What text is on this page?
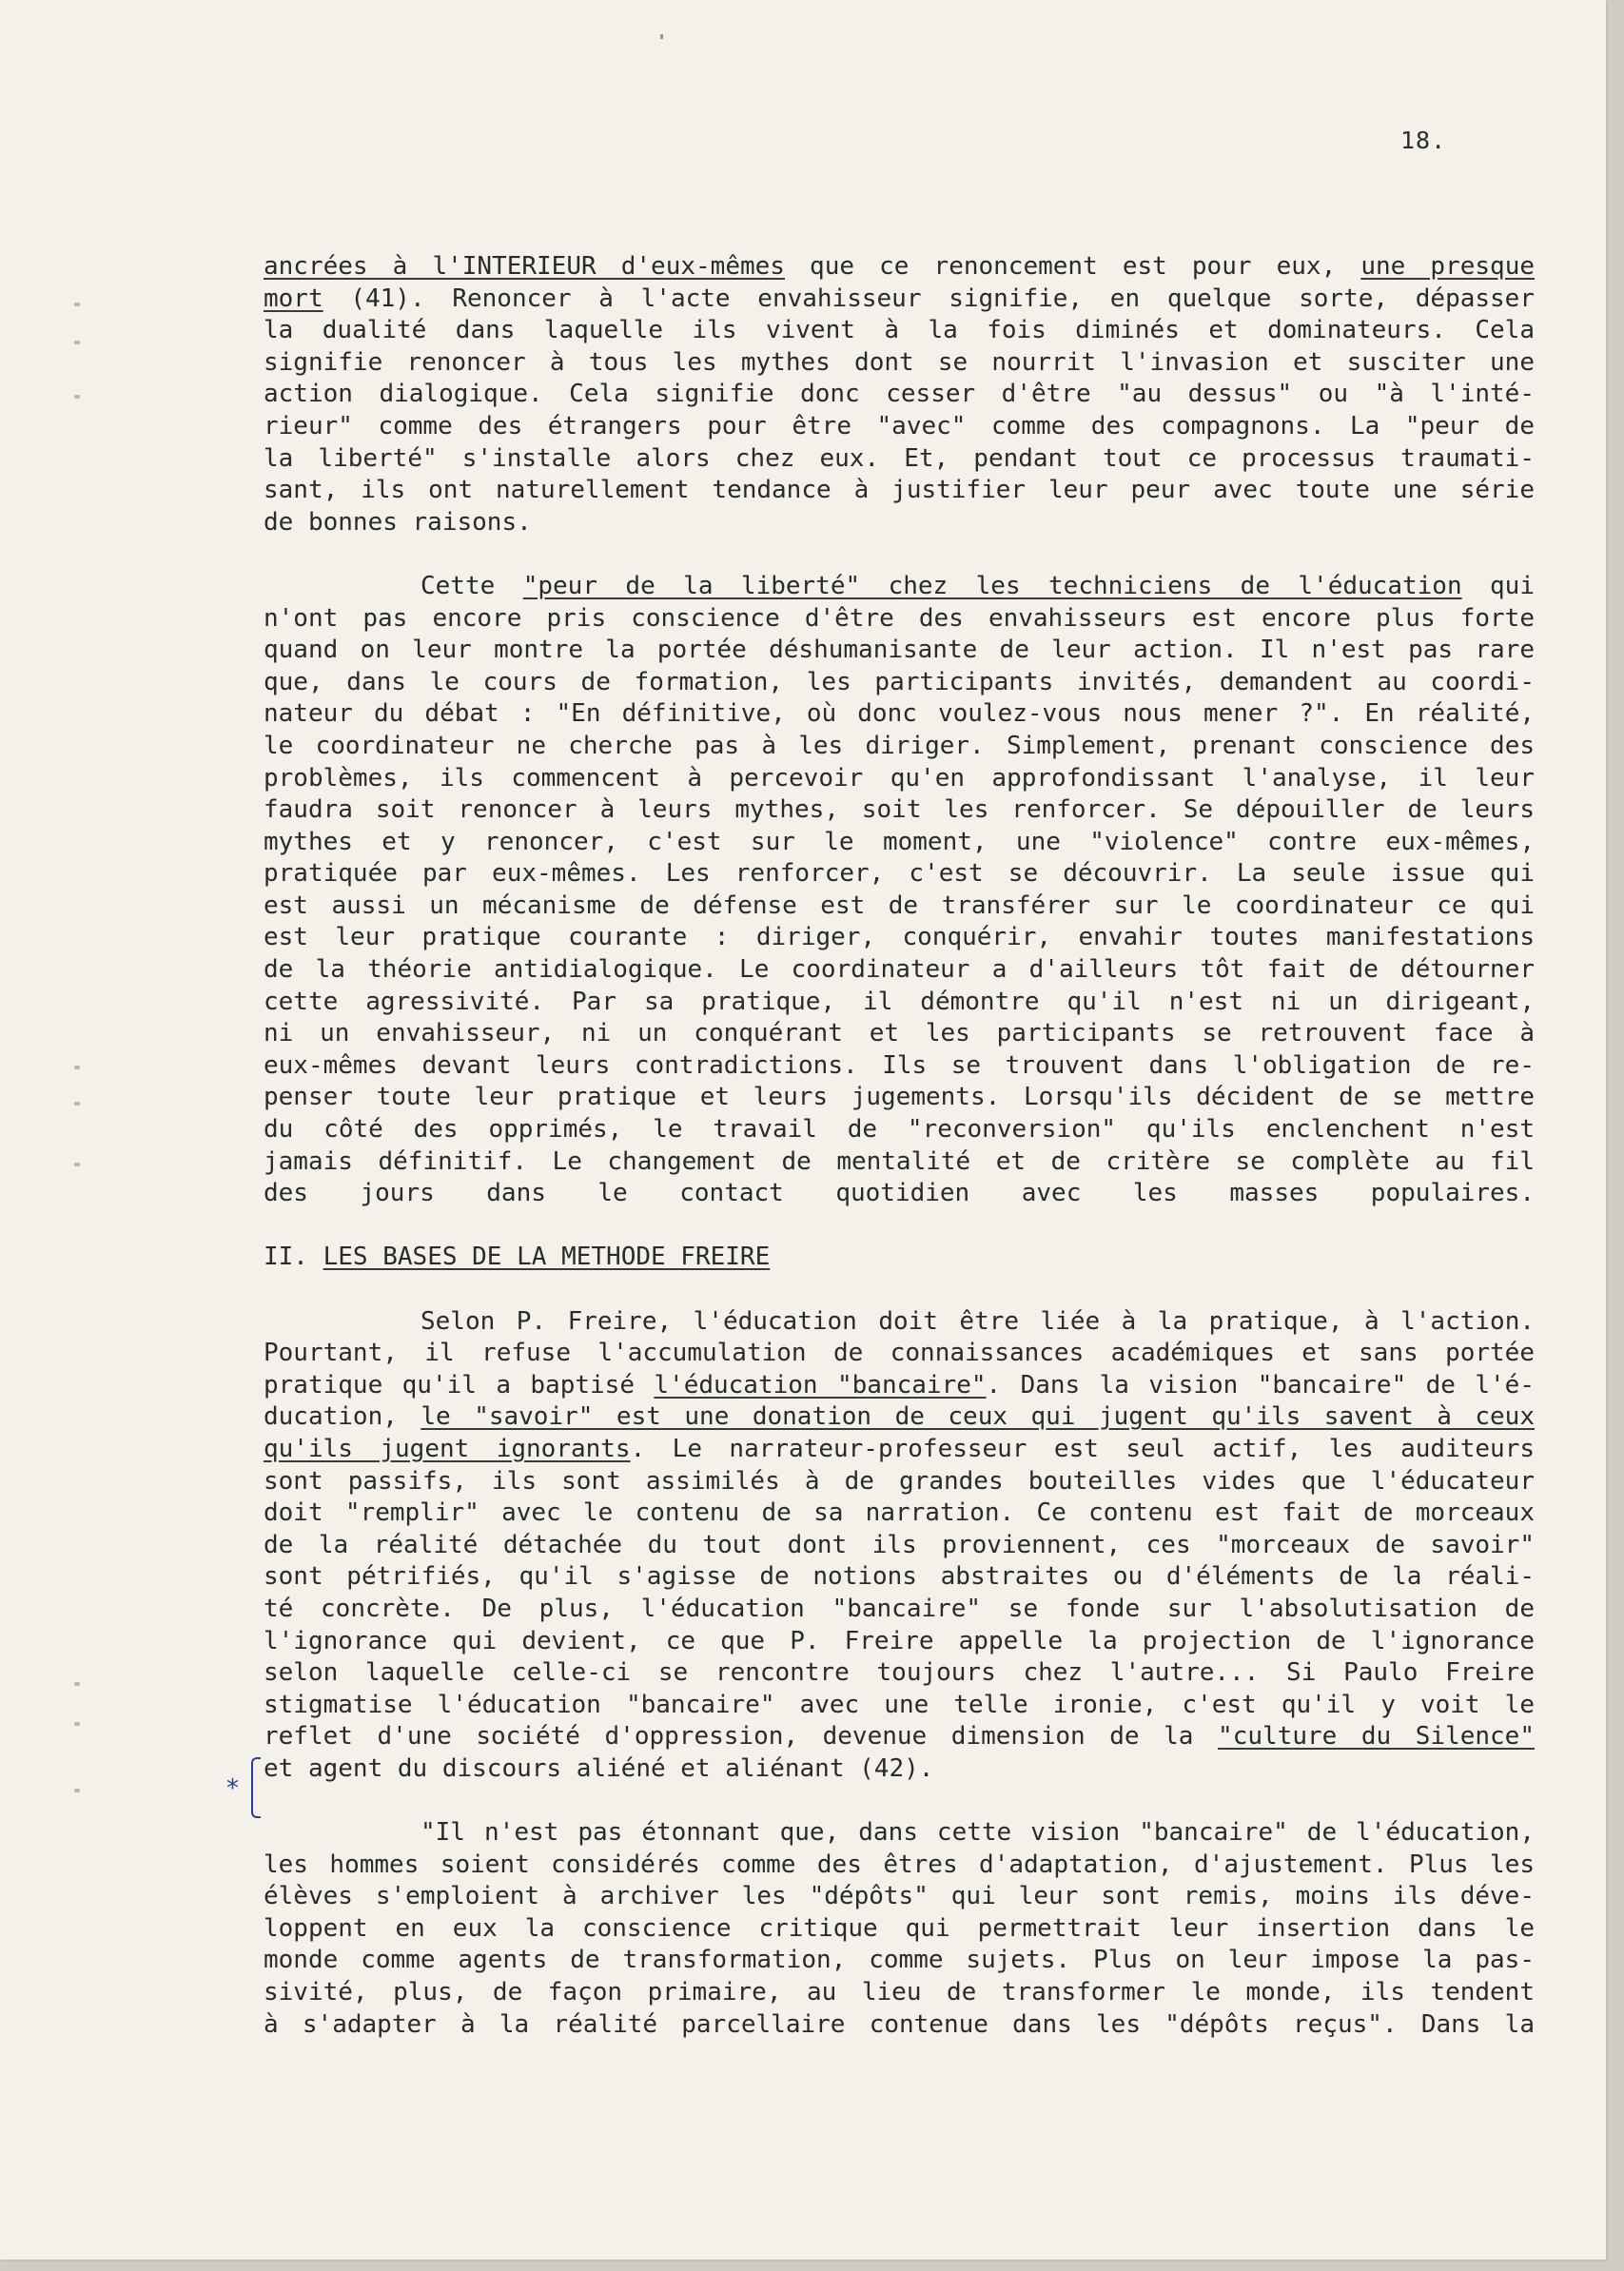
18.
ancrées à l'INTERIEUR d'eux-mêmes que ce renoncement est pour eux, une presque
mort (41). Renoncer à l'acte envahisseur signifie, en quelque sorte, dépasser
la dualité dans laquelle ils vivent à la fois diminés et dominateurs. Cela
signifie renoncer à tous les mythes dont se nourrit l'invasion et susciter une
action dialogique. Cela signifie donc cesser d'être "au dessus" ou "à l'inté-
rieur" comme des étrangers pour être "avec" comme des compagnons. La "peur de
la liberté" s'installe alors chez eux. Et, pendant tout ce processus traumati-
sant, ils ont naturellement tendance à justifier leur peur avec toute une série
de bonnes raisons.
Cette "peur de la liberté" chez les techniciens de l'éducation qui
n'ont pas encore pris conscience d'être des envahisseurs est encore plus forte
quand on leur montre la portée déshumanisante de leur action. Il n'est pas rare
que, dans le cours de formation, les participants invités, demandent au coordi-
nateur du débat : "En définitive, où donc voulez-vous nous mener ?". En réalité,
le coordinateur ne cherche pas à les diriger. Simplement, prenant conscience des
problèmes, ils commencent à percevoir qu'en approfondissant l'analyse, il leur
faudra soit renoncer à leurs mythes, soit les renforcer. Se dépouiller de leurs
mythes et y renoncer, c'est sur le moment, une "violence" contre eux-mêmes,
pratiquée par eux-mêmes. Les renforcer, c'est se découvrir. La seule issue qui
est aussi un mécanisme de défense est de transférer sur le coordinateur ce qui
est leur pratique courante : diriger, conquérir, envahir toutes manifestations
de la théorie antidialogique. Le coordinateur a d'ailleurs tôt fait de détourner
cette agressivité. Par sa pratique, il démontre qu'il n'est ni un dirigeant,
ni un envahisseur, ni un conquérant et les participants se retrouvent face à
eux-mêmes devant leurs contradictions. Ils se trouvent dans l'obligation de re-
penser toute leur pratique et leurs jugements. Lorsqu'ils décident de se mettre
du côté des opprimés, le travail de "reconversion" qu'ils enclenchent n'est
jamais définitif. Le changement de mentalité et de critère se complète au fil
des jours dans le contact quotidien avec les masses populaires.
II. LES BASES DE LA METHODE FREIRE
Selon P. Freire, l'éducation doit être liée à la pratique, à l'action.
Pourtant, il refuse l'accumulation de connaissances académiques et sans portée
pratique qu'il a baptisé l'éducation "bancaire". Dans la vision "bancaire" de l'é-
ducation, le "savoir" est une donation de ceux qui jugent qu'ils savent à ceux
qu'ils jugent ignorants. Le narrateur-professeur est seul actif, les auditeurs
sont passifs, ils sont assimilés à de grandes bouteilles vides que l'éducateur
doit "remplir" avec le contenu de sa narration. Ce contenu est fait de morceaux
de la réalité détachée du tout dont ils proviennent, ces "morceaux de savoir"
sont pétrifiés, qu'il s'agisse de notions abstraites ou d'éléments de la réali-
té concrète. De plus, l'éducation "bancaire" se fonde sur l'absolutisation de
l'ignorance qui devient, ce que P. Freire appelle la projection de l'ignorance
selon laquelle celle-ci se rencontre toujours chez l'autre... Si Paulo Freire
stigmatise l'éducation "bancaire" avec une telle ironie, c'est qu'il y voit le
reflet d'une société d'oppression, devenue dimension de la "culture du Silence"
et agent du discours aliéné et aliénant (42).
"Il n'est pas étonnant que, dans cette vision "bancaire" de l'éducation,
les hommes soient considérés comme des êtres d'adaptation, d'ajustement. Plus les
élèves s'emploient à archiver les "dépôts" qui leur sont remis, moins ils déve-
loppent en eux la conscience critique qui permettrait leur insertion dans le
monde comme agents de transformation, comme sujets. Plus on leur impose la pas-
sivité, plus, de façon primaire, au lieu de transformer le monde, ils tendent
à s'adapter à la réalité parcellaire contenue dans les "dépôts reçus". Dans la
*
